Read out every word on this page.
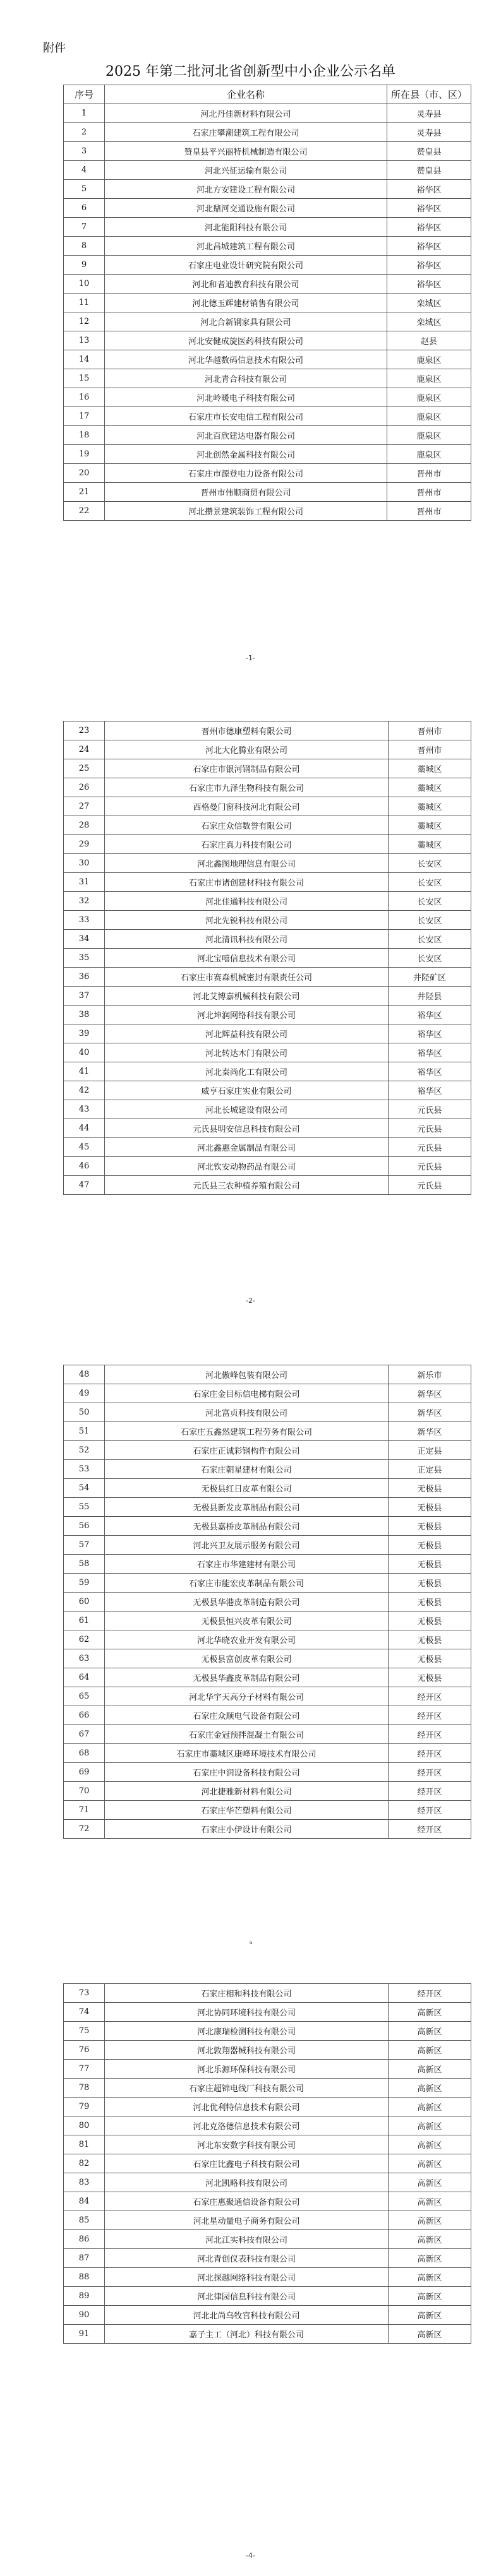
附件
2025 年第二批河北省创新型中小企业公示名单
序号	企业名称	所在县（市、区）
1	河北丹佳新材料有限公司	灵寿县
2	石家庄攀潮建筑工程有限公司	灵寿县
3	赞皇县平兴丽特机械制造有限公司	赞皇县
4	河北兴征运输有限公司	赞皇县
5	河北方安建设工程有限公司	裕华区
6	河北鼎河交通设施有限公司	裕华区
7	河北能阳科技有限公司	裕华区
8	河北昌城建筑工程有限公司	裕华区
9	石家庄电业设计研究院有限公司	裕华区
10	河北和者迪教育科技有限公司	裕华区
11	河北德玉辉建材销售有限公司	栾城区
12	河北合新钢家具有限公司	栾城区
13	河北安健成旋医药科技有限公司	赵县
14	河北华越数码信息技术有限公司	鹿泉区
15	河北青合科技有限公司	鹿泉区
16	河北岭暖电子科技有限公司	鹿泉区
17	石家庄市长安电信工程有限公司	鹿泉区
18	河北百欣建达电器有限公司	鹿泉区
19	河北创然金属科技有限公司	鹿泉区
20	石家庄市源登电力设备有限公司	晋州市
21	晋州市伟顺商贸有限公司	晋州市
22	河北攒景建筑装饰工程有限公司	晋州市
-1-
23	晋州市德康塑料有限公司	晋州市
24	河北大化腾业有限公司	晋州市
25	石家庄市银河钢制品有限公司	藁城区
26	石家庄市九泽生物科技有限公司	藁城区
27	西格曼门窗科技河北有限公司	藁城区
28	石家庄众信数誉有限公司	藁城区
29	石家庄真力科技有限公司	藁城区
30	河北鑫图地理信息有限公司	长安区
31	石家庄市诸创建材科技有限公司	长安区
32	河北佳通科技有限公司	长安区
33	河北先锐科技有限公司	长安区
34	河北清讯科技有限公司	长安区
35	河北宝嘻信息技术有限公司	长安区
36	石家庄市赛森机械密封有限责任公司	井陉矿区
37	河北艾博嘉机械科技有限公司	井陉县
38	河北坤润网络科技有限公司	裕华区
39	河北辉益科技有限公司	裕华区
40	河北转达木门有限公司	裕华区
41	河北秦尚化工有限公司	裕华区
42	威亨石家庄实业有限公司	裕华区
43	河北长城建设有限公司	元氏县
44	元氏县明安信息科技有限公司	元氏县
45	河北鑫惠金属制品有限公司	元氏县
46	河北钦安动物药品有限公司	元氏县
47	元氏县三农种植养殖有限公司	元氏县
-2-
48	河北傲峰包装有限公司	新乐市
49	石家庄金目标信电梯有限公司	新华区
50	河北富贞科技有限公司	新华区
51	石家庄五鑫然建筑工程劳务有限公司	新华区
52	石家庄正诚彩钢构件有限公司	正定县
53	石家庄朝星建材有限公司	正定县
54	无极县红日皮革有限公司	无极县
55	无极县新发皮革制品有限公司	无极县
56	无极县嘉桥皮革制品有限公司	无极县
57	河北兴卫友展示服务有限公司	无极县
58	石家庄市华建建材有限公司	无极县
59	石家庄市能宏皮革制品有限公司	无极县
60	无极县华港皮革制造有限公司	无极县
61	无极县恒兴皮革有限公司	无极县
62	河北华晓农业开发有限公司	无极县
63	无极县富创皮革有限公司	无极县
64	无极县华鑫皮革制品有限公司	无极县
65	河北华宇天高分子材料有限公司	经开区
66	石家庄众顺电气设备有限公司	经开区
67	石家庄金冠预拌混凝土有限公司	经开区
68	石家庄市藁城区康峰环境技术有限公司	经开区
69	石家庄中润设备科技有限公司	经开区
70	河北捷雅新材料有限公司	经开区
71	石家庄华芒塑料有限公司	经开区
72	石家庄小伊设计有限公司	经开区
73	石家庄相和科技有限公司	经开区
74	河北协同环境科技有限公司	高新区
75	河北康瑞检测科技有限公司	高新区
76	河北敦翔器械科技有限公司	高新区
77	河北乐源环保科技有限公司	高新区
78	石家庄超锦电线厂科技有限公司	高新区
79	河北优利特信息技术有限公司	高新区
80	河北克洛德信息技术有限公司	高新区
81	河北东安数字科技有限公司	高新区
82	石家庄比鑫电子科技有限公司	高新区
83	河北凯略科技有限公司	高新区
84	石家庄惠聚通信设备有限公司	高新区
85	河北星动量电子商务有限公司	高新区
86	河北江实科技有限公司	高新区
87	河北青创仪表科技有限公司	高新区
88	河北探越网络科技有限公司	高新区
89	河北律园信息科技有限公司	高新区
90	河北北尚乌牧宫科技有限公司	高新区
91	嘉子主工（河北）科技有限公司	高新区
-4-
